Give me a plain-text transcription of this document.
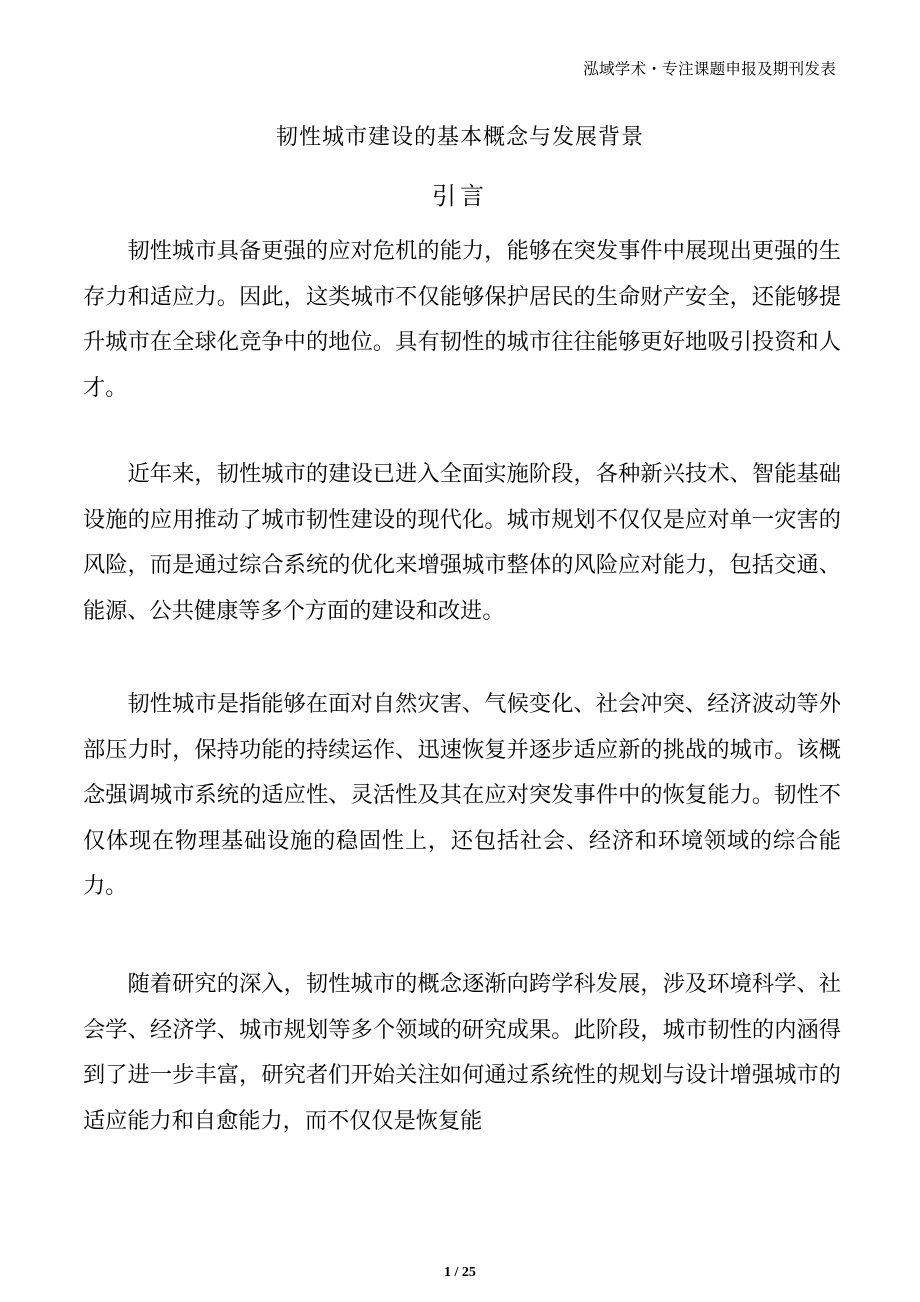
泓域学术・专注课题申报及期刊发表
韧性城市建设的基本概念与发展背景
引言

韧性城市具备更强的应对危机的能力，能够在突发事件中展现出更强的生存力和适应力。因此，这类城市不仅能够保护居民的生命财产安全，还能够提升城市在全球化竞争中的地位。具有韧性的城市往往能够更好地吸引投资和人才。

近年来，韧性城市的建设已进入全面实施阶段，各种新兴技术、智能基础设施的应用推动了城市韧性建设的现代化。城市规划不仅仅是应对单一灾害的风险，而是通过综合系统的优化来增强城市整体的风险应对能力，包括交通、能源、公共健康等多个方面的建设和改进。

韧性城市是指能够在面对自然灾害、气候变化、社会冲突、经济波动等外部压力时，保持功能的持续运作、迅速恢复并逐步适应新的挑战的城市。该概念强调城市系统的适应性、灵活性及其在应对突发事件中的恢复能力。韧性不仅体现在物理基础设施的稳固性上，还包括社会、经济和环境领域的综合能力。

随着研究的深入，韧性城市的概念逐渐向跨学科发展，涉及环境科学、社会学、经济学、城市规划等多个领域的研究成果。此阶段，城市韧性的内涵得到了进一步丰富，研究者们开始关注如何通过系统性的规划与设计增强城市的适应能力和自愈能力，而不仅仅是恢复能

1 / 25
